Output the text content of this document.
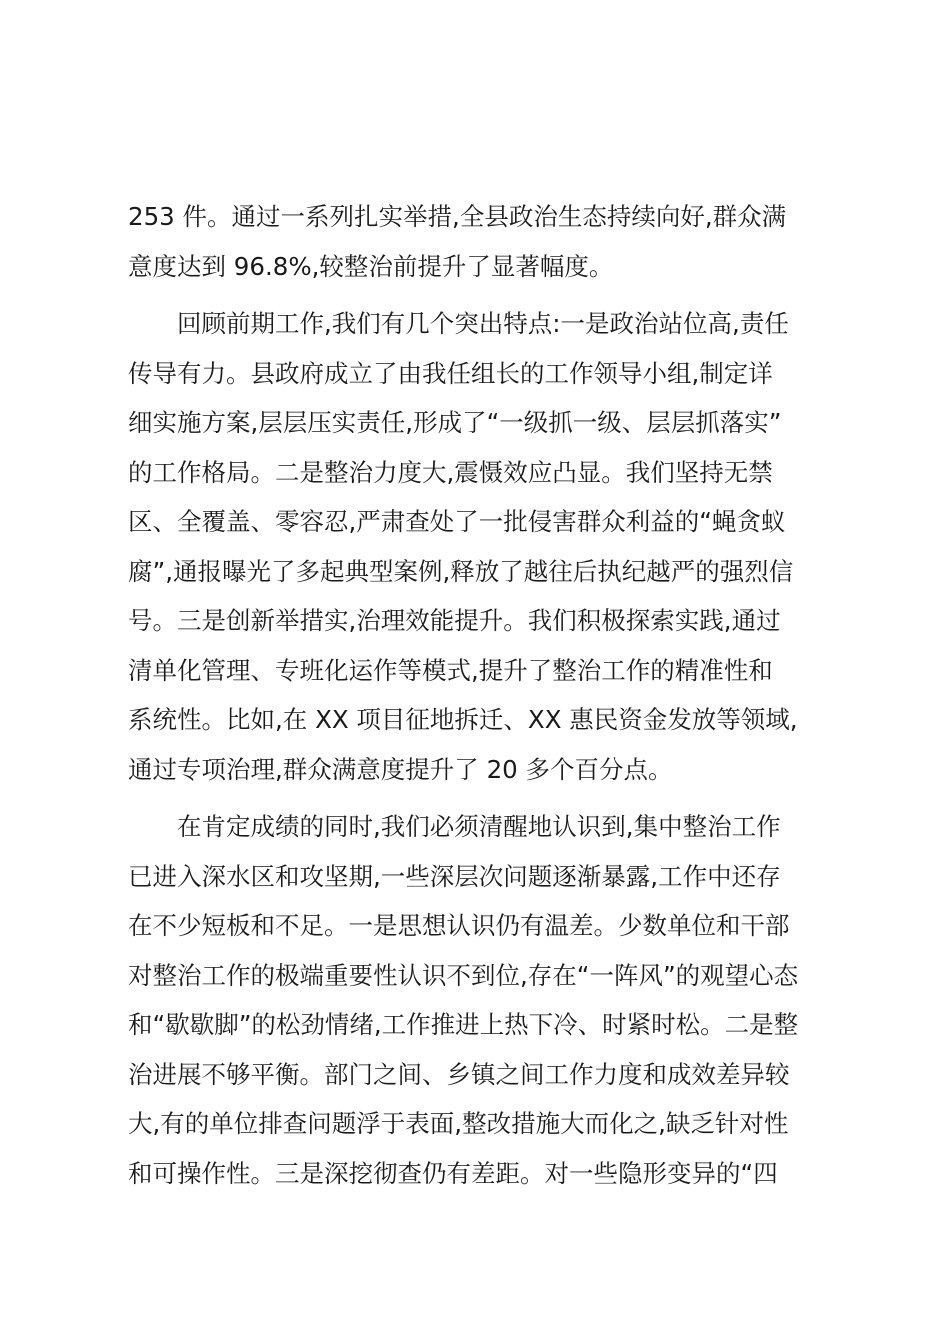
253 件。通过一系列扎实举措,全县政治生态持续向好,群众满
意度达到 96.8%,较整治前提升了显著幅度。
回顾前期工作,我们有几个突出特点:一是政治站位高,责任
传导有力。县政府成立了由我任组长的工作领导小组,制定详
细实施方案,层层压实责任,形成了“一级抓一级、层层抓落实”
的工作格局。二是整治力度大,震慑效应凸显。我们坚持无禁
区、全覆盖、零容忍,严肃查处了一批侵害群众利益的“蝇贪蚁
腐”,通报曝光了多起典型案例,释放了越往后执纪越严的强烈信
号。三是创新举措实,治理效能提升。我们积极探索实践,通过
清单化管理、专班化运作等模式,提升了整治工作的精准性和
系统性。比如,在 XX 项目征地拆迁、XX 惠民资金发放等领域,
通过专项治理,群众满意度提升了 20 多个百分点。
在肯定成绩的同时,我们必须清醒地认识到,集中整治工作
已进入深水区和攻坚期,一些深层次问题逐渐暴露,工作中还存
在不少短板和不足。一是思想认识仍有温差。少数单位和干部
对整治工作的极端重要性认识不到位,存在“一阵风”的观望心态
和“歇歇脚”的松劲情绪,工作推进上热下冷、时紧时松。二是整
治进展不够平衡。部门之间、乡镇之间工作力度和成效差异较
大,有的单位排查问题浮于表面,整改措施大而化之,缺乏针对性
和可操作性。三是深挖彻查仍有差距。对一些隐形变异的“四
